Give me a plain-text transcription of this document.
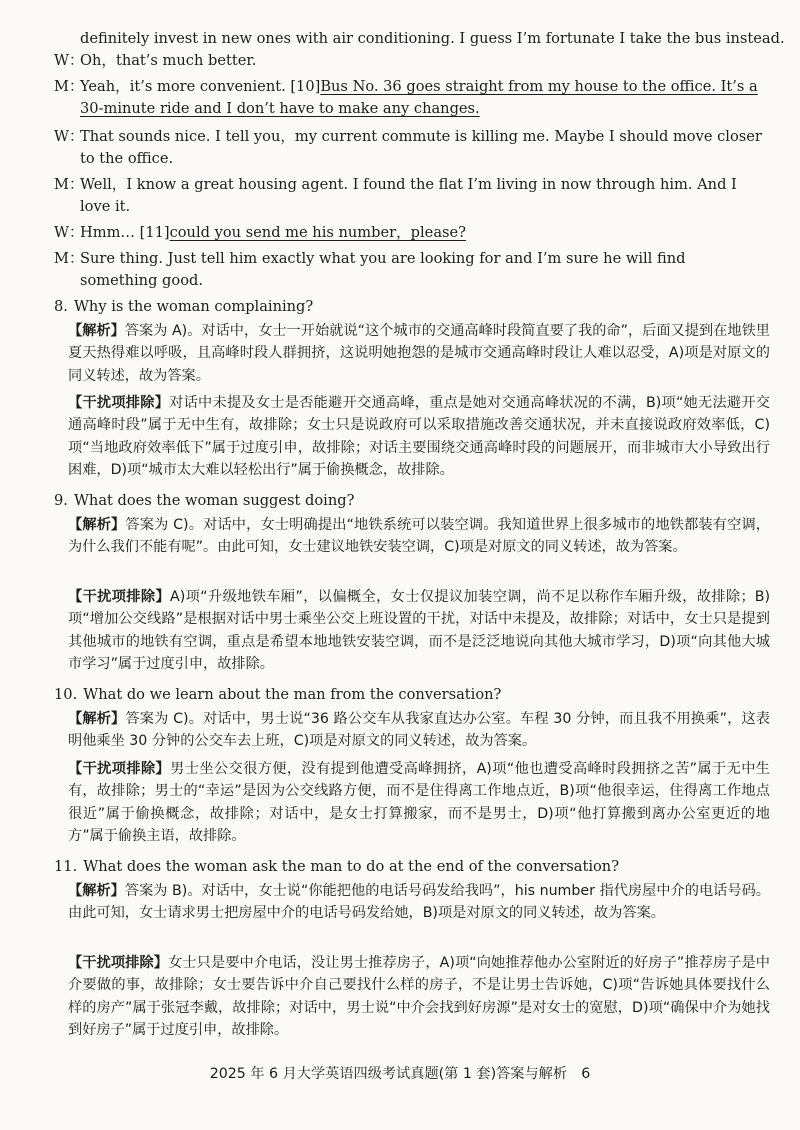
definitely invest in new ones with air conditioning. I guess I’m fortunate I take the bus instead.
W：
Oh，that’s much better.
M：
Yeah，it’s more convenient. [10]Bus No. 36 goes straight from my house to the office. It’s a
30-minute ride and I don’t have to make any changes.
W：
That sounds nice. I tell you，my current commute is killing me. Maybe I should move closer to the office.
M：
Well，I know a great housing agent. I found the flat I’m living in now through him. And I love it.
W：
Hmm… [11]could you send me his number，please?
M：
Sure thing. Just tell him exactly what you are looking for and I’m sure he will find something good.
8. Why is the woman complaining?
【解析】答案为 A)。对话中，女士一开始就说“这个城市的交通高峰时段简直要了我的命”，后面又提到在地铁里夏天热得难以呼吸，且高峰时段人群拥挤，这说明她抱怨的是城市交通高峰时段让人难以忍受，A)项是对原文的同义转述，故为答案。
【干扰项排除】对话中未提及女士是否能避开交通高峰，重点是她对交通高峰状况的不满，B)项“她无法避开交通高峰时段”属于无中生有，故排除；女士只是说政府可以采取措施改善交通状况，并未直接说政府效率低，C)项“当地政府效率低下”属于过度引申，故排除；对话主要围绕交通高峰时段的问题展开，而非城市大小导致出行困难，D)项“城市太大难以轻松出行”属于偷换概念，故排除。
9. What does the woman suggest doing?
【解析】答案为 C)。对话中，女士明确提出“地铁系统可以装空调。我知道世界上很多城市的地铁都装有空调，为什么我们不能有呢”。由此可知，女士建议地铁安装空调，C)项是对原文的同义转述，故为答案。
【干扰项排除】A)项“升级地铁车厢”，以偏概全，女士仅提议加装空调，尚不足以称作车厢升级，故排除；B)项“增加公交线路”是根据对话中男士乘坐公交上班设置的干扰，对话中未提及，故排除；对话中，女士只是提到其他城市的地铁有空调，重点是希望本地地铁安装空调，而不是泛泛地说向其他大城市学习，D)项“向其他大城市学习”属于过度引申，故排除。
10. What do we learn about the man from the conversation?
【解析】答案为 C)。对话中，男士说“36 路公交车从我家直达办公室。车程 30 分钟，而且我不用换乘”，这表明他乘坐 30 分钟的公交车去上班，C)项是对原文的同义转述，故为答案。
【干扰项排除】男士坐公交很方便，没有提到他遭受高峰拥挤，A)项“他也遭受高峰时段拥挤之苦”属于无中生有，故排除；男士的“幸运”是因为公交线路方便，而不是住得离工作地点近，B)项“他很幸运，住得离工作地点很近”属于偷换概念，故排除；对话中，是女士打算搬家，而不是男士，D)项“他打算搬到离办公室更近的地方”属于偷换主语，故排除。
11. What does the woman ask the man to do at the end of the conversation?
【解析】答案为 B)。对话中，女士说“你能把他的电话号码发给我吗”，his number 指代房屋中介的电话号码。由此可知，女士请求男士把房屋中介的电话号码发给她，B)项是对原文的同义转述，故为答案。
【干扰项排除】女士只是要中介电话，没让男士推荐房子，A)项“向她推荐他办公室附近的好房子”推荐房子是中介要做的事，故排除；女士要告诉中介自己要找什么样的房子，不是让男士告诉她，C)项“告诉她具体要找什么样的房产”属于张冠李戴，故排除；对话中，男士说“中介会找到好房源”是对女士的宽慰，D)项“确保中介为她找到好房子”属于过度引申，故排除。
2025 年 6 月大学英语四级考试真题(第 1 套)答案与解析　6
